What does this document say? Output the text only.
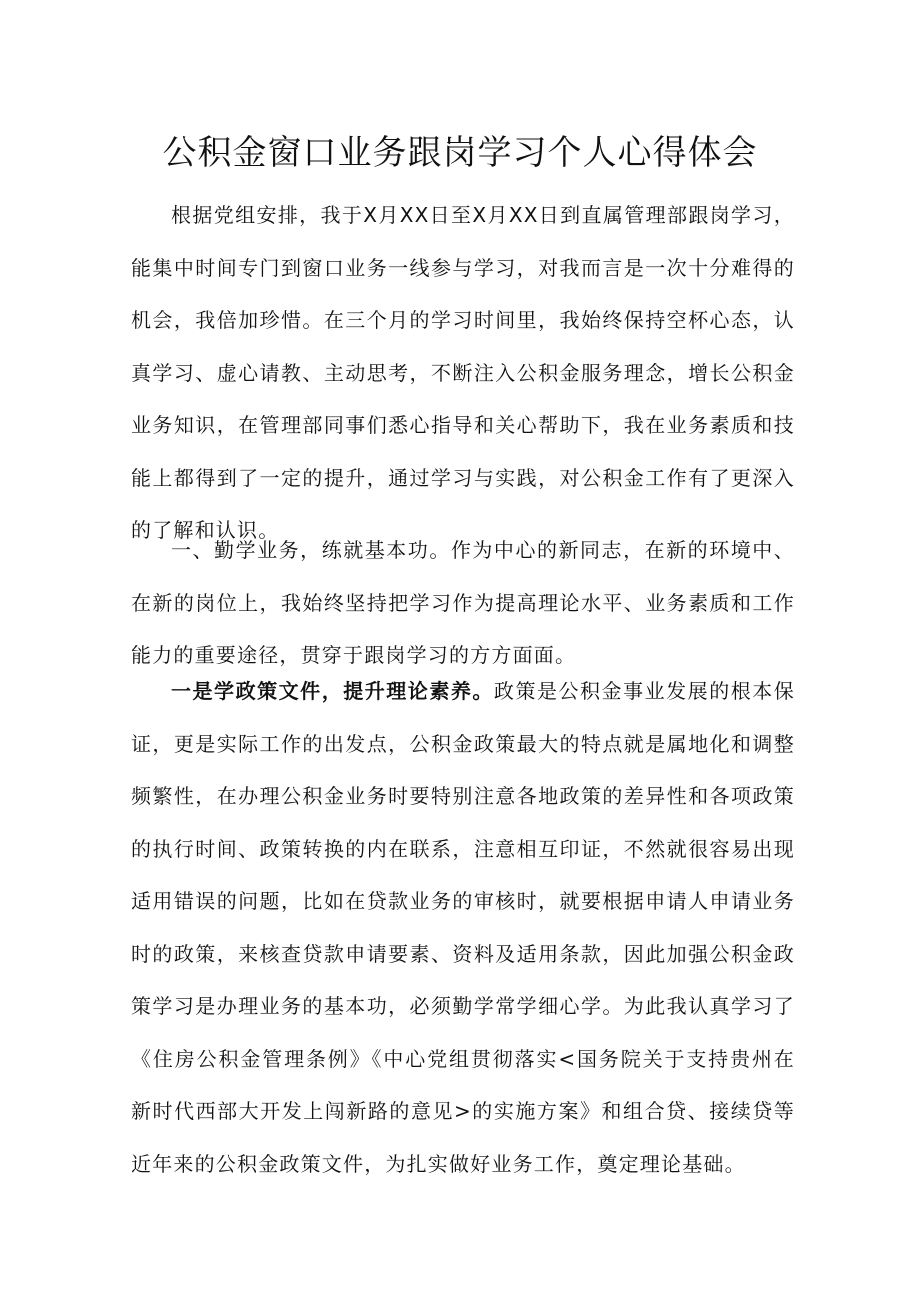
公积金窗口业务跟岗学习个人心得体会

根据党组安排，我于X月XX日至X月XX日到直属管理部跟岗学习，能集中时间专门到窗口业务一线参与学习，对我而言是一次十分难得的机会，我倍加珍惜。在三个月的学习时间里，我始终保持空杯心态，认真学习、虚心请教、主动思考，不断注入公积金服务理念，增长公积金业务知识，在管理部同事们悉心指导和关心帮助下，我在业务素质和技能上都得到了一定的提升，通过学习与实践，对公积金工作有了更深入的了解和认识。

一、勤学业务，练就基本功。作为中心的新同志，在新的环境中、在新的岗位上，我始终坚持把学习作为提高理论水平、业务素质和工作能力的重要途径，贯穿于跟岗学习的方方面面。

一是学政策文件，提升理论素养。政策是公积金事业发展的根本保证，更是实际工作的出发点，公积金政策最大的特点就是属地化和调整频繁性，在办理公积金业务时要特别注意各地政策的差异性和各项政策的执行时间、政策转换的内在联系，注意相互印证，不然就很容易出现适用错误的问题，比如在贷款业务的审核时，就要根据申请人申请业务时的政策，来核查贷款申请要素、资料及适用条款，因此加强公积金政策学习是办理业务的基本功，必须勤学常学细心学。为此我认真学习了《住房公积金管理条例》《中心党组贯彻落实<国务院关于支持贵州在新时代西部大开发上闯新路的意见>的实施方案》和组合贷、接续贷等近年来的公积金政策文件，为扎实做好业务工作，奠定理论基础。
